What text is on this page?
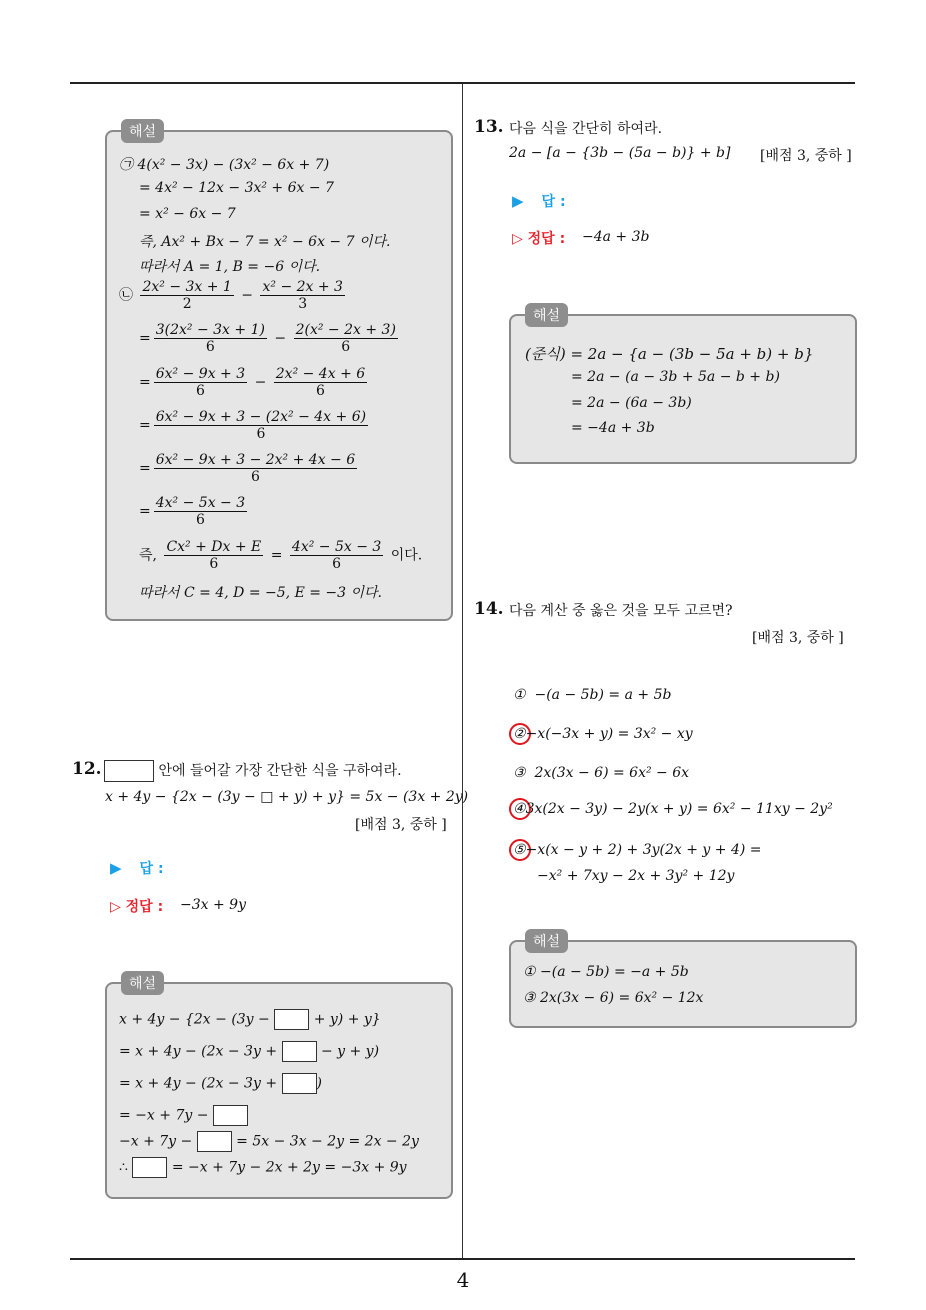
해설
㉠ 4(x² − 3x) − (3x² − 6x + 7)
= 4x² − 12x − 3x² + 6x − 7
= x² − 6x − 7
즉, Ax² + Bx − 7 = x² − 6x − 7 이다.
따라서 A = 1, B = −6 이다.
㉡ $\frac{\text{2x² − 3x + 1}}{2} - \frac{\text{x² − 2x + 3}}{3}$
= $\frac{\text{3(2x² − 3x + 1)}}{6} - \frac{\text{2(x² − 2x + 3)}}{6}$
= $\frac{\text{6x² − 9x + 3}}{6} - \frac{\text{2x² − 4x + 6}}{6}$
= $\frac{\text{6x² − 9x + 3 − (2x² − 4x + 6)}}{6}$
= $\frac{\text{6x² − 9x + 3 − 2x² + 4x − 6}}{6}$
= $\frac{\text{4x² − 5x − 3}}{6}$
즉, $\frac{\text{Cx² + Dx + E}}{6} = \frac{\text{4x² − 5x − 3}}{6}$ 이다.
따라서 C = 4, D = −5, E = −3 이다.
12.	안에 들어갈 가장 간단한 식을 구하여라.
x + 4y − {2x − (3y − □ + y) + y} = 5x − (3x + 2y)
[배점 3, 중하 ]
▶ 답 :
▷ 정답 : −3x + 9y
해설
x + 4y − {2x − (3y −	+ y) + y}
= x + 4y − (2x − 3y +	− y + y)
= x + 4y − (2x − 3y +	)
= −x + 7y −
−x + 7y −	= 5x − 3x − 2y = 2x − 2y
∴	= −x + 7y − 2x + 2y = −3x + 9y
13. 다음 식을 간단히 하여라.
2a − [a − {3b − (5a − b)} + b] [배점 3, 중하 ]
▶ 답 :
▷ 정답 : −4a + 3b
해설
(준식) = 2a − {a − (3b − 5a + b) + b}
= 2a − (a − 3b + 5a − b + b)
= 2a − (6a − 3b)
= −4a + 3b
14. 다음 계산 중 옳은 것을 모두 고르면?
[배점 3, 중하 ]
① −(a − 5b) = a + 5b
②−x(−3x + y) = 3x² − xy
③ 2x(3x − 6) = 6x² − 6x
④3x(2x − 3y) − 2y(x + y) = 6x² − 11xy − 2y²
⑤−x(x − y + 2) + 3y(2x + y + 4) =
−x² + 7xy − 2x + 3y² + 12y
해설
① −(a − 5b) = −a + 5b
③ 2x(3x − 6) = 6x² − 12x
4
